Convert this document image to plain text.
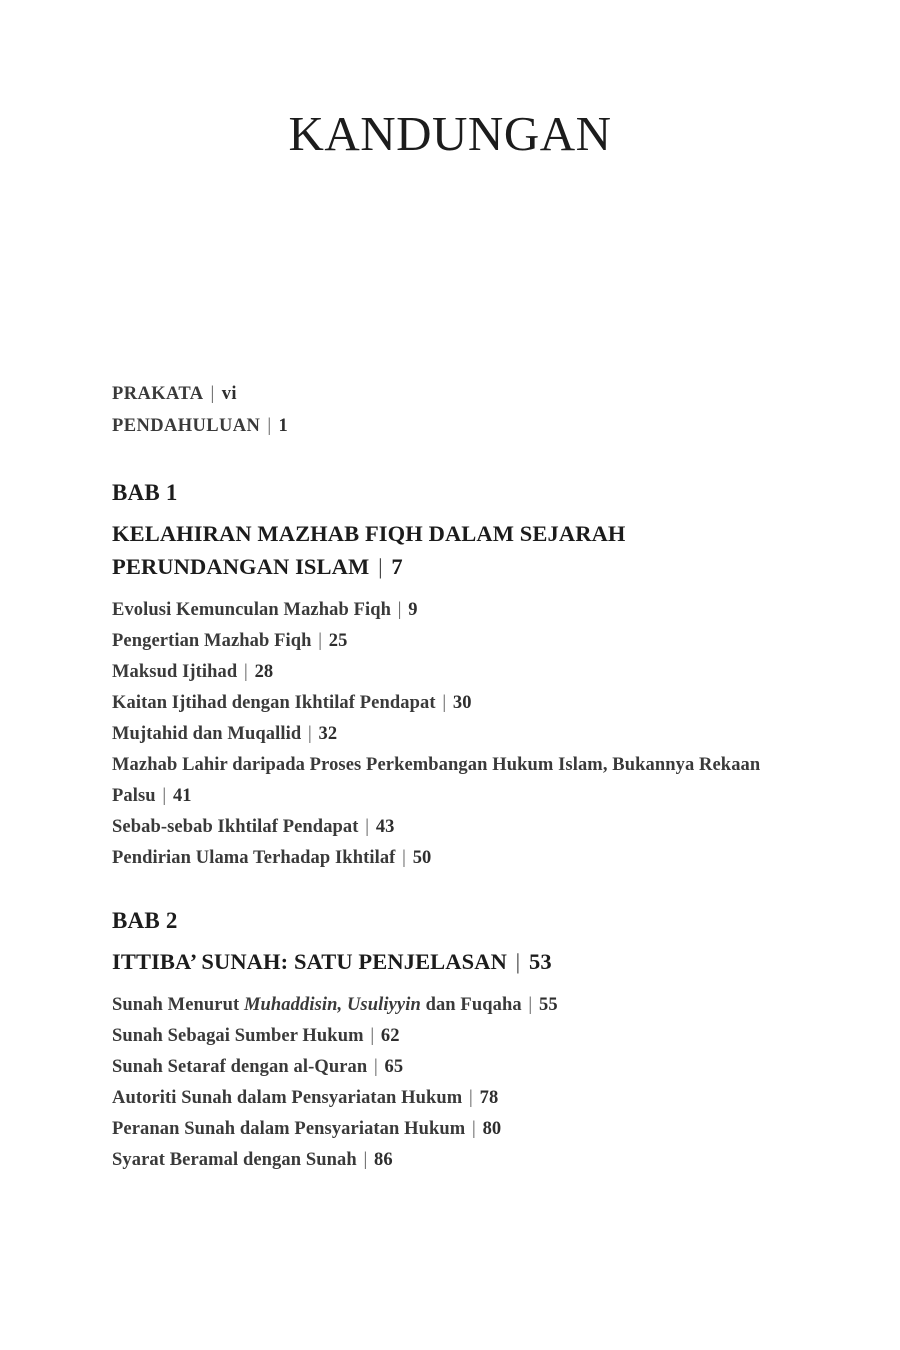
KANDUNGAN
PRAKATA | vi
PENDAHULUAN | 1
BAB 1
KELAHIRAN MAZHAB FIQH DALAM SEJARAH PERUNDANGAN ISLAM | 7
Evolusi Kemunculan Mazhab Fiqh | 9
Pengertian Mazhab Fiqh | 25
Maksud Ijtihad | 28
Kaitan Ijtihad dengan Ikhtilaf Pendapat | 30
Mujtahid dan Muqallid | 32
Mazhab Lahir daripada Proses Perkembangan Hukum Islam, Bukannya Rekaan Palsu | 41
Sebab-sebab Ikhtilaf Pendapat | 43
Pendirian Ulama Terhadap Ikhtilaf | 50
BAB 2
ITTIBA’ SUNAH: SATU PENJELASAN | 53
Sunah Menurut Muhaddisin, Usuliyyin dan Fuqaha | 55
Sunah Sebagai Sumber Hukum | 62
Sunah Setaraf dengan al-Quran | 65
Autoriti Sunah dalam Pensyariatan Hukum | 78
Peranan Sunah dalam Pensyariatan Hukum | 80
Syarat Beramal dengan Sunah | 86
